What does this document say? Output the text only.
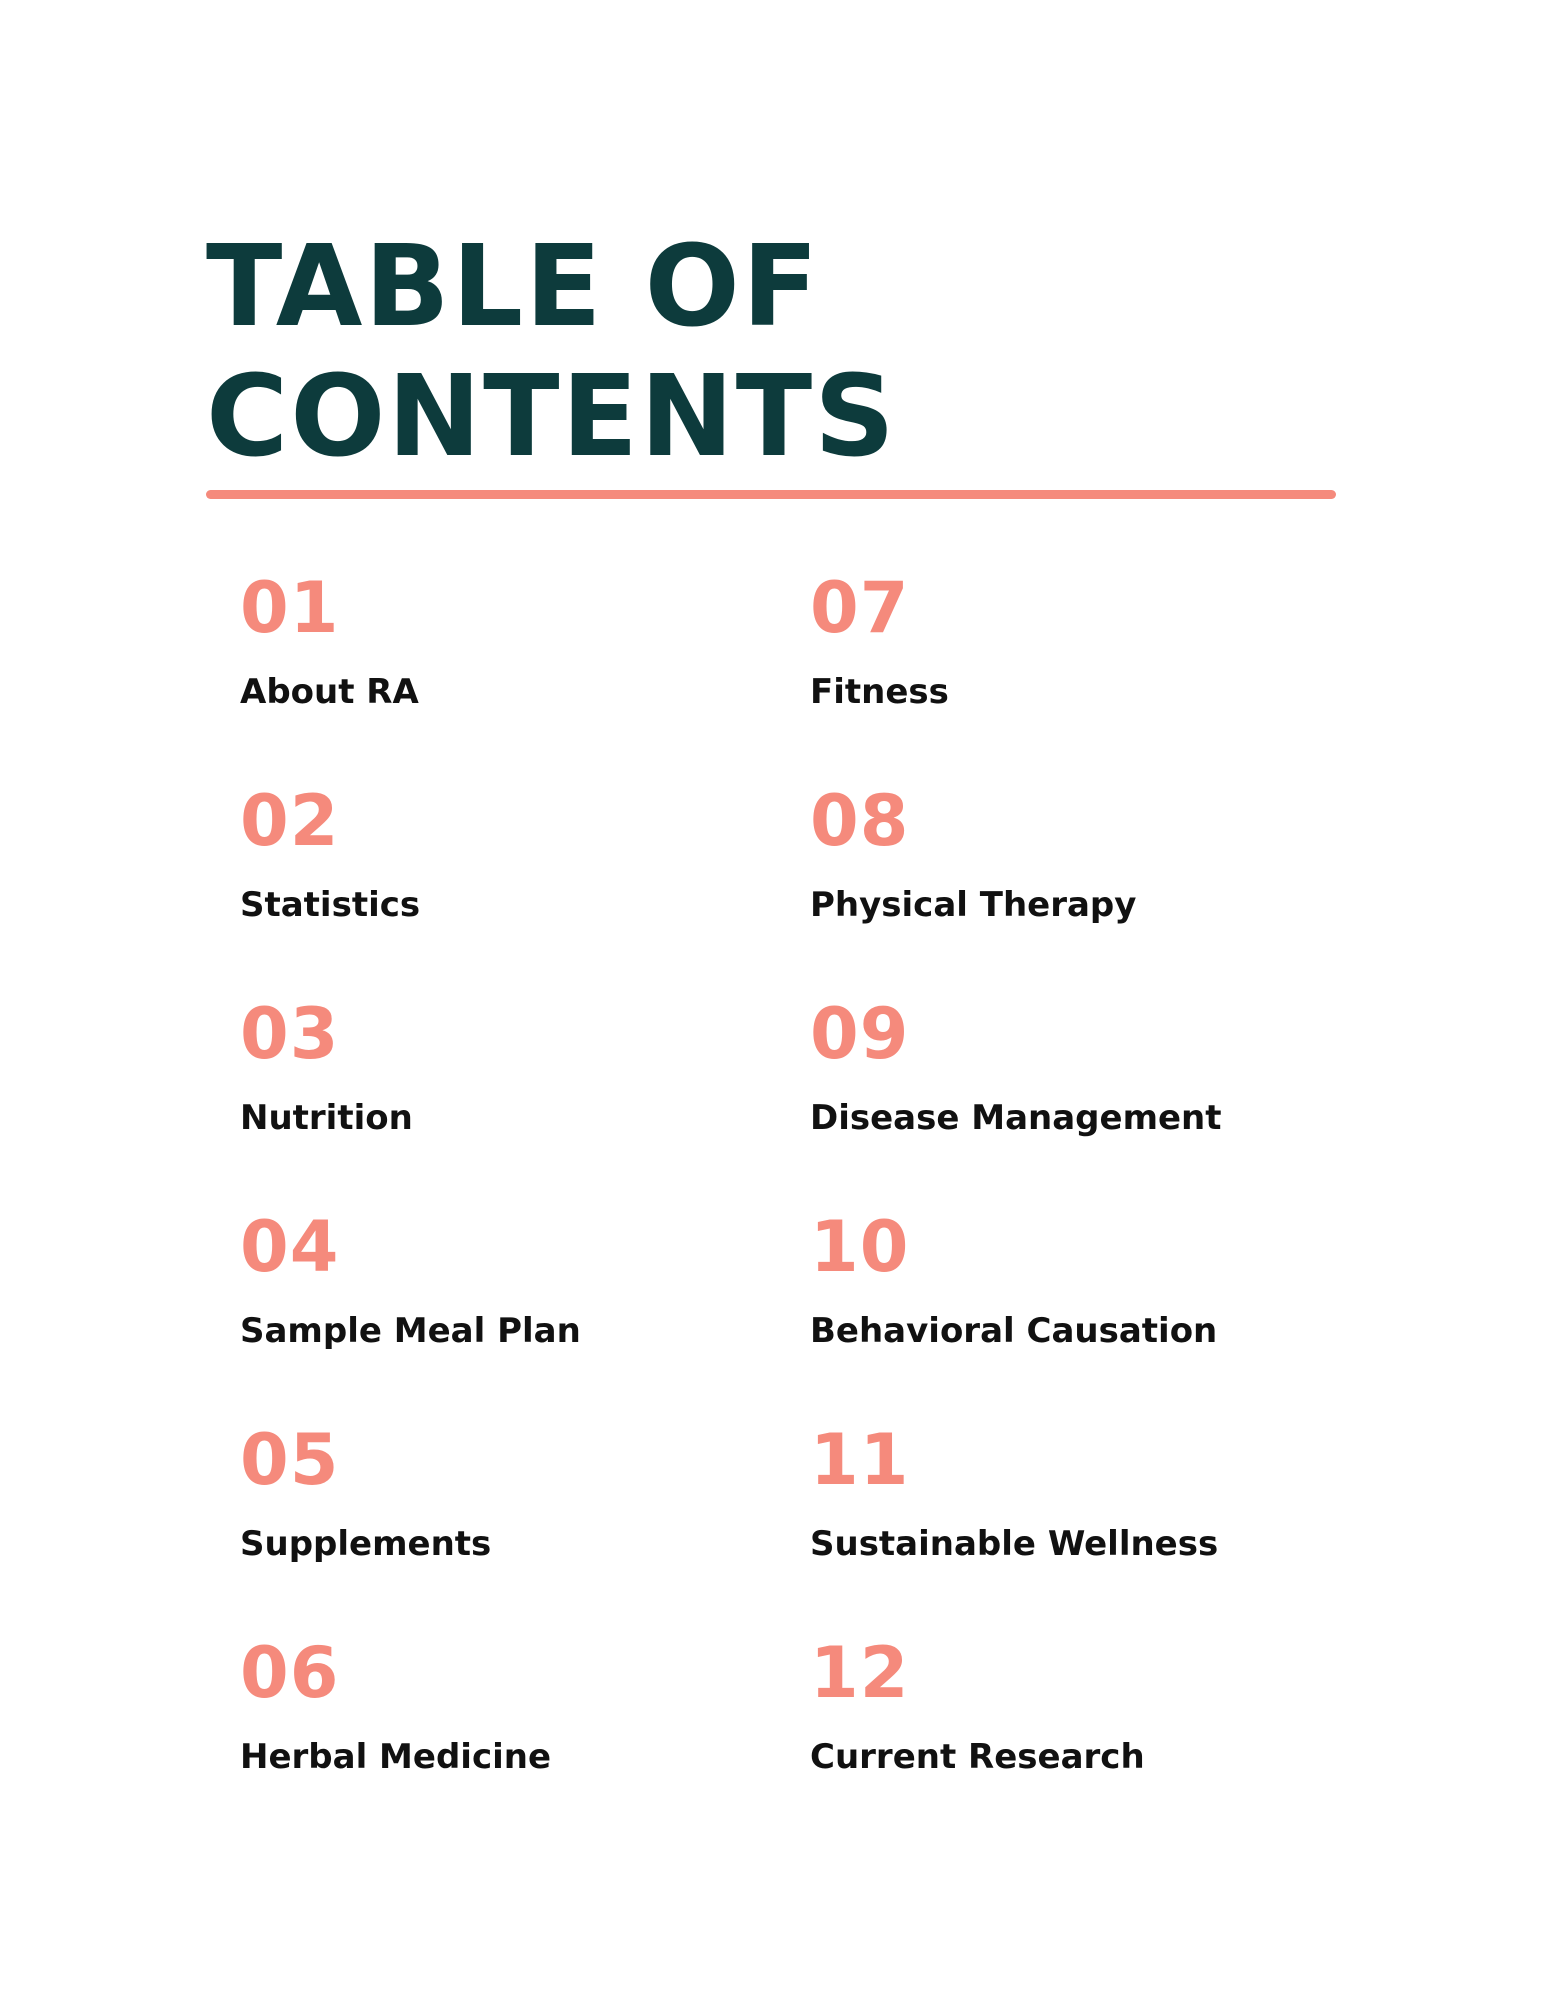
TABLE OF
CONTENTS
01
About RA
02
Statistics
03
Nutrition
04
Sample Meal Plan
05
Supplements
06
Herbal Medicine
07
Fitness
08
Physical Therapy
09
Disease Management
10
Behavioral Causation
11
Sustainable Wellness
12
Current Research
